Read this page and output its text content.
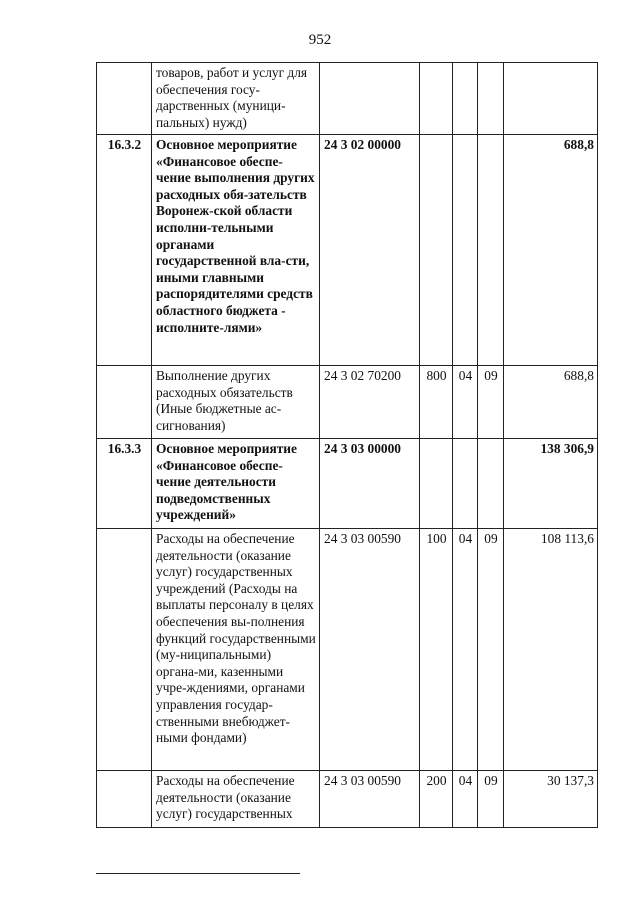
952
	товаров, работ и услуг для обеспечения госу-дарственных (муници-пальных) нужд)					
16.3.2	Основное мероприятие «Финансовое обеспе-чение выполнения других расходных обя-зательств Воронеж-ской области исполни-тельными органами государственной вла-сти, иными главными распорядителями средств областного бюджета - исполните-лями»	24 3 02 00000				688,8
	Выполнение других расходных обязательств (Иные бюджетные ас-сигнования)	24 3 02 70200	800	04	09	688,8
16.3.3	Основное мероприятие «Финансовое обеспе-чение деятельности подведомственных учреждений»	24 3 03 00000				138 306,9
	Расходы на обеспечение деятельности (оказание услуг) государственных учреждений (Расходы на выплаты персоналу в целях обеспечения вы-полнения функций государственными (му-ниципальными) органа-ми, казенными учре-ждениями, органами управления государ-ственными внебюджет-ными фондами)	24 3 03 00590	100	04	09	108 113,6
	Расходы на обеспечение деятельности (оказание услуг) государственных	24 3 03 00590	200	04	09	30 137,3
